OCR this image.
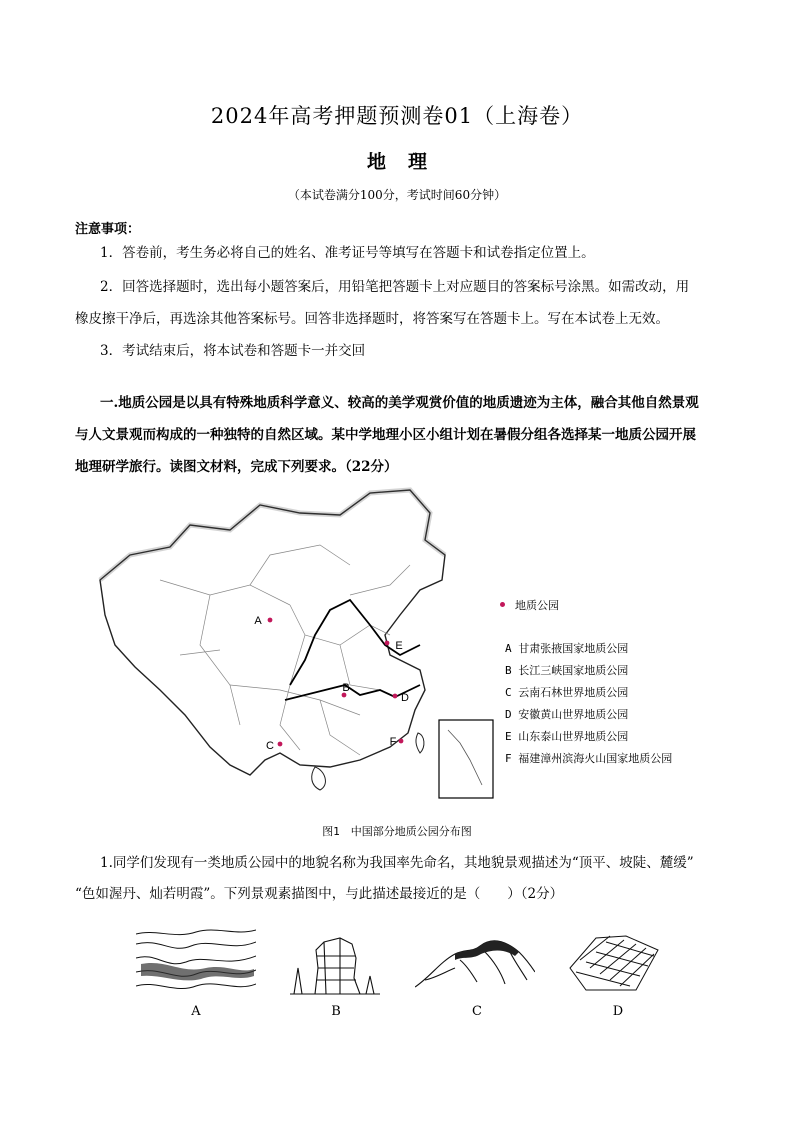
2024年高考押题预测卷01（上海卷）
地理
（本试卷满分100分，考试时间60分钟）
注意事项：
1．答卷前，考生务必将自己的姓名、准考证号等填写在答题卡和试卷指定位置上。
2．回答选择题时，选出每小题答案后，用铅笔把答题卡上对应题目的答案标号涂黑。如需改动，用
橡皮擦干净后，再选涂其他答案标号。回答非选择题时，将答案写在答题卡上。写在本试卷上无效。
3．考试结束后，将本试卷和答题卡一并交回
一.地质公园是以具有特殊地质科学意义、较高的美学观赏价值的地质遗迹为主体，融合其他自然景观
与人文景观而构成的一种独特的自然区域。某中学地理小区小组计划在暑假分组各选择某一地质公园开展
地理研学旅行。读图文材料，完成下列要求。（22分）
A
E
B
D
C	F
地质公园
A 甘肃张掖国家地质公园
B 长江三峡国家地质公园
C 云南石林世界地质公园
D 安徽黄山世界地质公园
E 山东泰山世界地质公园
F 福建漳州滨海火山国家地质公园
图1　中国部分地质公园分布图
1.同学们发现有一类地质公园中的地貌名称为我国率先命名，其地貌景观描述为“顶平、坡陡、麓缓”
“色如渥丹、灿若明霞”。下列景观素描图中，与此描述最接近的是（　　）（2分）
A	B	C	D
